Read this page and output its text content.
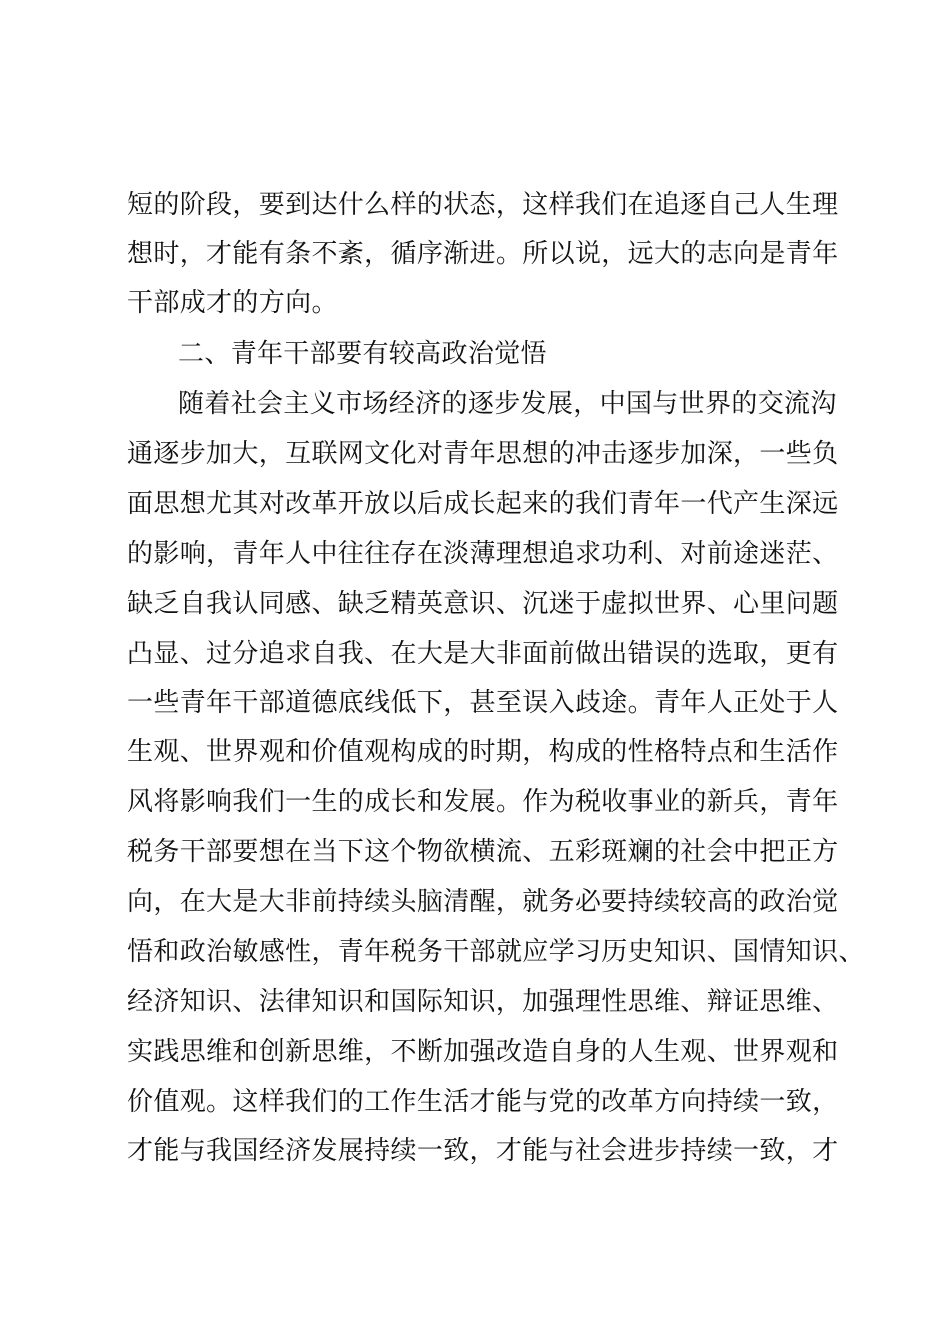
短的阶段，要到达什么样的状态，这样我们在追逐自己人生理
想时，才能有条不紊，循序渐进。所以说，远大的志向是青年
干部成才的方向。
二、青年干部要有较高政治觉悟
随着社会主义市场经济的逐步发展，中国与世界的交流沟
通逐步加大，互联网文化对青年思想的冲击逐步加深，一些负
面思想尤其对改革开放以后成长起来的我们青年一代产生深远
的影响，青年人中往往存在淡薄理想追求功利、对前途迷茫、
缺乏自我认同感、缺乏精英意识、沉迷于虚拟世界、心里问题
凸显、过分追求自我、在大是大非面前做出错误的选取，更有
一些青年干部道德底线低下，甚至误入歧途。青年人正处于人
生观、世界观和价值观构成的时期，构成的性格特点和生活作
风将影响我们一生的成长和发展。作为税收事业的新兵，青年
税务干部要想在当下这个物欲横流、五彩斑斓的社会中把正方
向，在大是大非前持续头脑清醒，就务必要持续较高的政治觉
悟和政治敏感性，青年税务干部就应学习历史知识、国情知识、
经济知识、法律知识和国际知识，加强理性思维、辩证思维、
实践思维和创新思维，不断加强改造自身的人生观、世界观和
价值观。这样我们的工作生活才能与党的改革方向持续一致，
才能与我国经济发展持续一致，才能与社会进步持续一致，才
